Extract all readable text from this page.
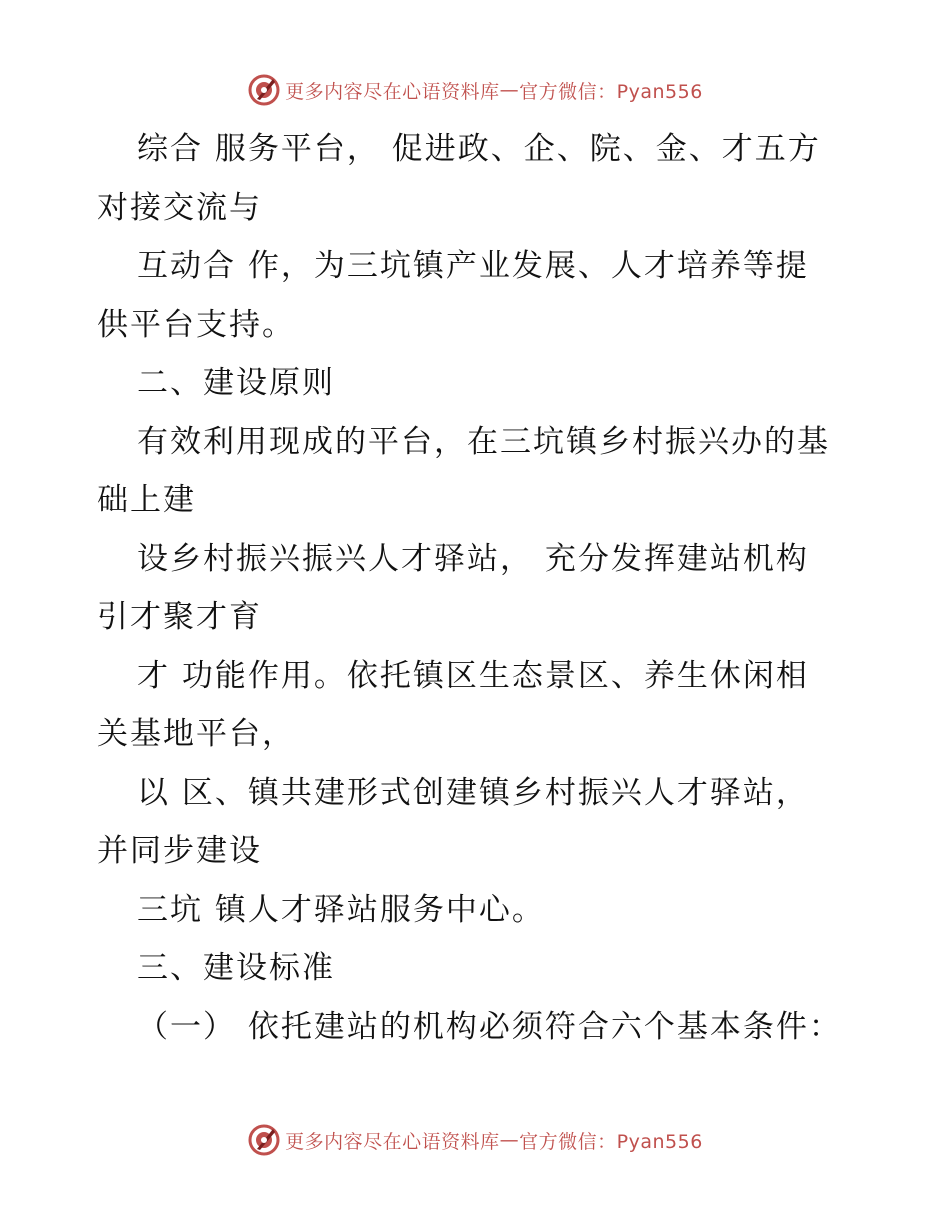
更多内容尽在心语资料库 — 官方微信：Pyan556
综合 服务平台， 促进政、企、院、金、才五方
对接交流与
互动合 作，为三坑镇产业发展、人才培养等提
供平台支持。
二、建设原则
有效利用现成的平台，在三坑镇乡村振兴办的基
础上建
设乡村振兴振兴人才驿站， 充分发挥建站机构
引才聚才育
才 功能作用。依托镇区生态景区、养生休闲相
关基地平台，
以 区、镇共建形式创建镇乡村振兴人才驿站，
并同步建设
三坑 镇人才驿站服务中心。
三、建设标准
（一） 依托建站的机构必须符合六个基本条件：
更多内容尽在心语资料库 — 官方微信：Pyan556
